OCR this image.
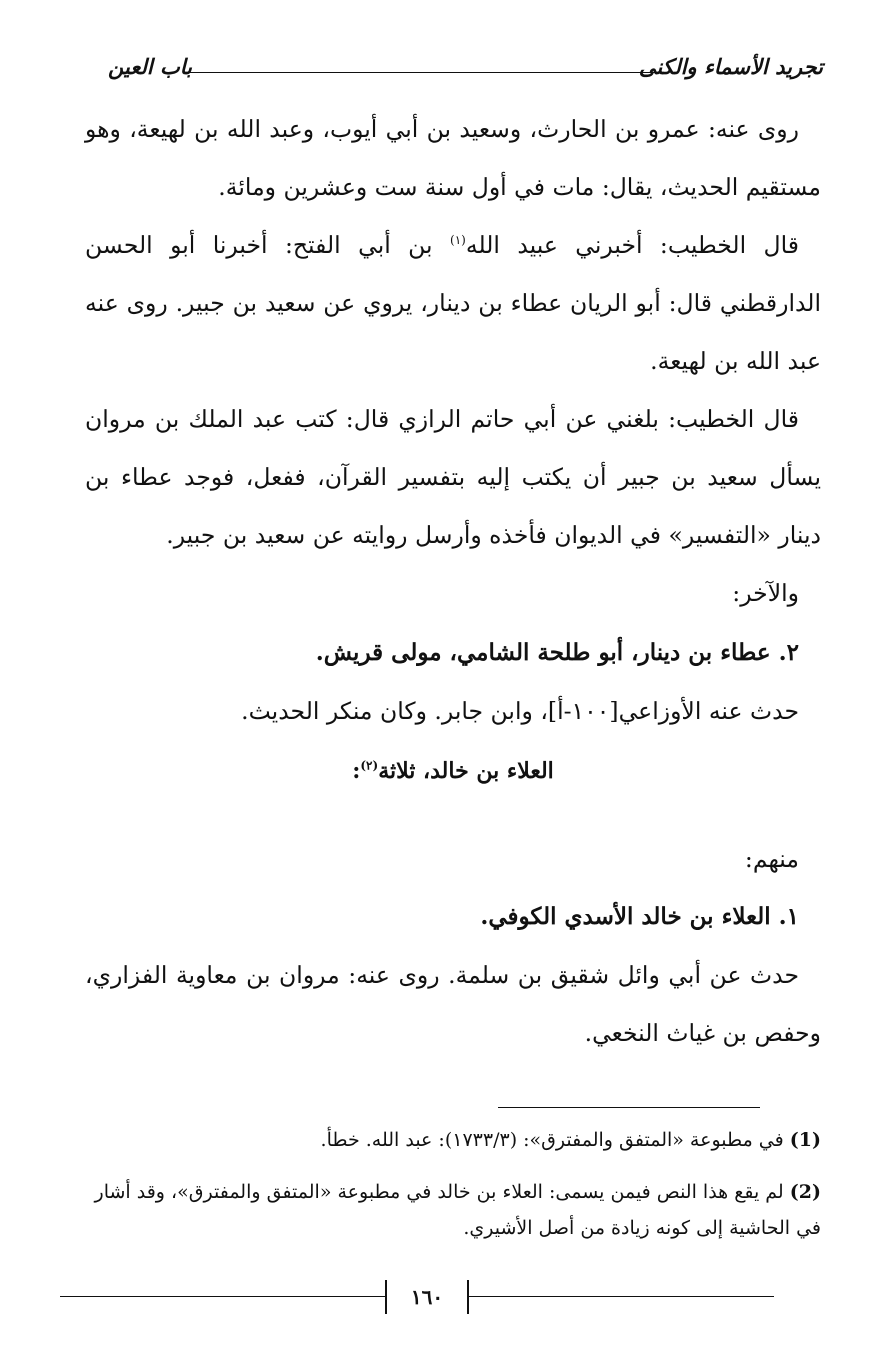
تجريد الأسماء والكنى
باب العين

روى عنه: عمرو بن الحارث، وسعيد بن أبي أيوب، وعبد الله بن لهيعة، وهو مستقيم الحديث، يقال: مات في أول سنة ست وعشرين ومائة.

قال الخطيب: أخبرني عبيد الله$^{(١)}$ بن أبي الفتح: أخبرنا أبو الحسن الدارقطني قال: أبو الريان عطاء بن دينار، يروي عن سعيد بن جبير. روى عنه عبد الله بن لهيعة.

قال الخطيب: بلغني عن أبي حاتم الرازي قال: كتب عبد الملك بن مروان يسأل سعيد بن جبير أن يكتب إليه بتفسير القرآن، ففعل، فوجد عطاء بن دينار «التفسير» في الديوان فأخذه وأرسل روايته عن سعيد بن جبير.

والآخر:

٢. عطاء بن دينار، أبو طلحة الشامي، مولى قريش.

حدث عنه الأوزاعي[١٠٠-أ]، وابن جابر. وكان منكر الحديث.

العلاء بن خالد، ثلاثة$^{(٢)}$:

منهم:

١. العلاء بن خالد الأسدي الكوفي.

حدث عن أبي وائل شقيق بن سلمة. روى عنه: مروان بن معاوية الفزاري، وحفص بن غياث النخعي.

(1) في مطبوعة «المتفق والمفترق»: (١٧٣٣/٣): عبد الله. خطأ.

(2) لم يقع هذا النص فيمن يسمى: العلاء بن خالد في مطبوعة «المتفق والمفترق»، وقد أشار في الحاشية إلى كونه زيادة من أصل الأشيري.

١٦٠
